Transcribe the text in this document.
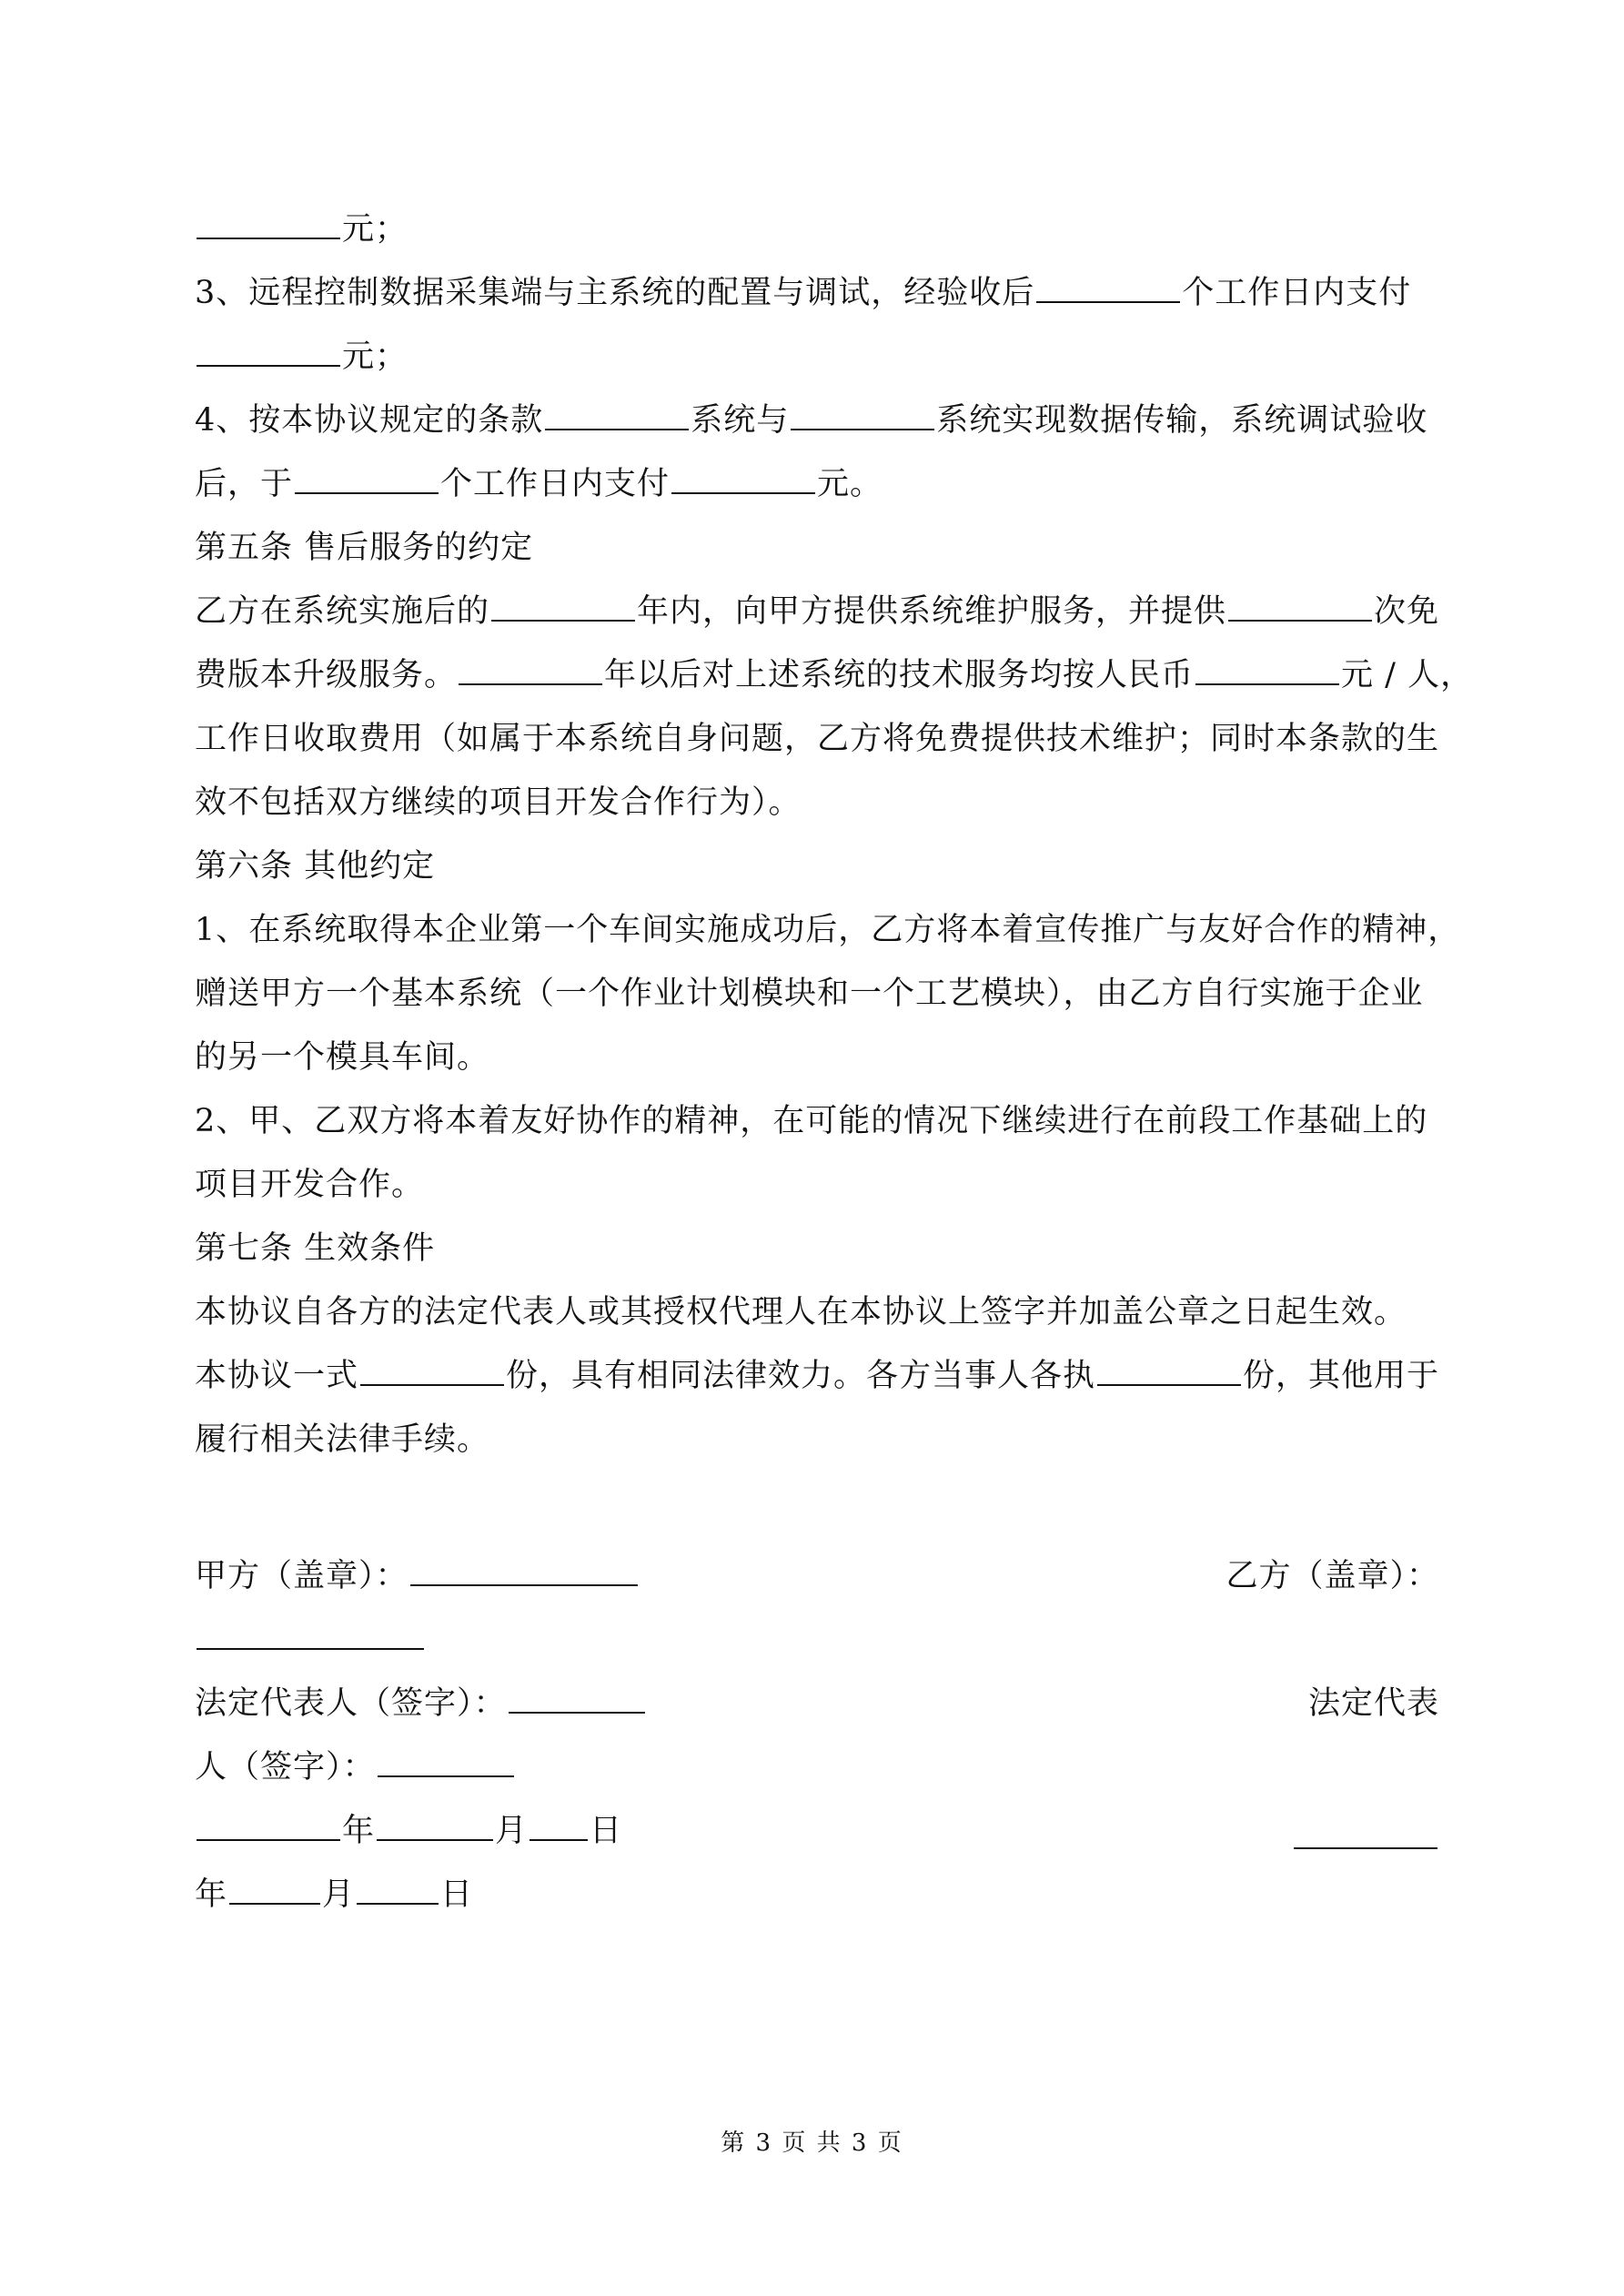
元；
3、远程控制数据采集端与主系统的配置与调试，经验收后	个工作日内支付
元；
4、按本协议规定的条款	系统与	系统实现数据传输，系统调试验收
后，于	个工作日内支付	元。
第五条 售后服务的约定
乙方在系统实施后的	年内，向甲方提供系统维护服务，并提供	次免
费版本升级服务。	年以后对上述系统的技术服务均按人民币	元 / 人，
工作日收取费用（如属于本系统自身问题，乙方将免费提供技术维护；同时本条款的生
效不包括双方继续的项目开发合作行为）。
第六条 其他约定
1、在系统取得本企业第一个车间实施成功后，乙方将本着宣传推广与友好合作的精神，
赠送甲方一个基本系统（一个作业计划模块和一个工艺模块），由乙方自行实施于企业
的另一个模具车间。
2、甲、乙双方将本着友好协作的精神，在可能的情况下继续进行在前段工作基础上的
项目开发合作。
第七条 生效条件
本协议自各方的法定代表人或其授权代理人在本协议上签字并加盖公章之日起生效。
本协议一式	份，具有相同法律效力。各方当事人各执	份，其他用于
履行相关法律手续。
甲方（盖章）：	乙方（盖章）：
法定代表人（签字）：	法定代表
人（签字）：
年	月 日
年	月	日
第 3 页 共 3 页
